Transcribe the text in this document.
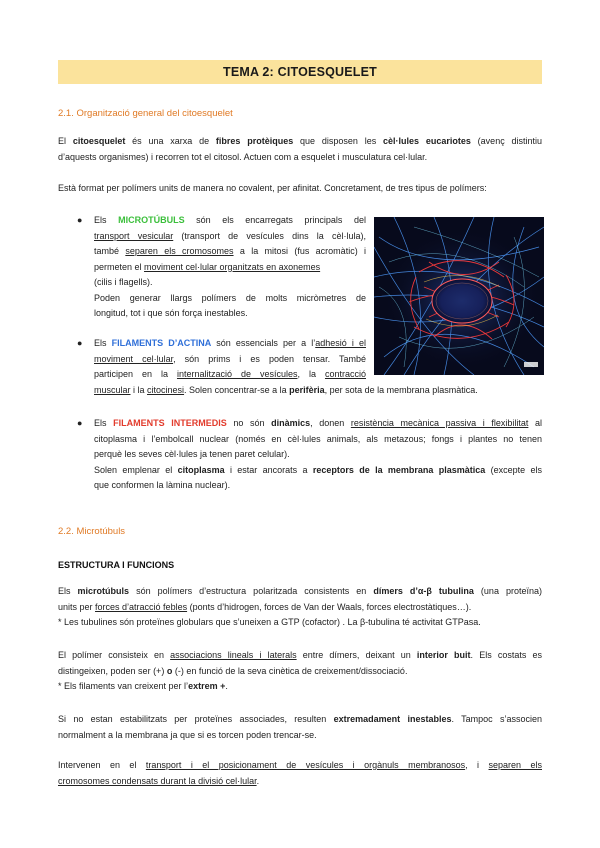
TEMA 2: CITOESQUELET
2.1. Organització general del citoesquelet
El citoesquelet és una xarxa de fibres protèiques que disposen les cèl·lules eucariotes (avenç distintiu
d’aquests organismes) i recorren tot el citosol. Actuen com a esquelet i musculatura cel·lular.
Està format per polímers units de manera no covalent, per afinitat. Concretament, de tres tipus de polímers:
● Els MICROTÚBULS són els encarregats principals del
transport vesicular (transport de vesícules dins la cèl·lula),
també separen els cromosomes a la mitosi (fus acromàtic) i
permeten el moviment cel·lular organitzats en axonemes
(cilis i flagells).
Poden generar llargs polímers de molts micròmetres de
longitud, tot i que són força inestables.
● Els FILAMENTS D’ACTINA són essencials per a l’adhesió i el
moviment cel·lular, són prims i es poden tensar. També
participen en la internalització de vesícules, la contracció
muscular i la citocinesi. Solen concentrar-se a la perifèria, per sota de la membrana plasmàtica.
● Els FILAMENTS INTERMEDIS no són dinàmics, donen resistència mecànica passiva i flexibilitat al
citoplasma i l’embolcall nuclear (només en cèl·lules animals, als metazous; fongs i plantes no tenen
perquè les seves cèl·lules ja tenen paret celular).
Solen emplenar el citoplasma i estar ancorats a receptors de la membrana plasmàtica (excepte els
que conformen la làmina nuclear).
2.2. Microtúbuls
ESTRUCTURA I FUNCIONS
Els microtúbuls són polímers d’estructura polaritzada consistents en dímers d’α-β tubulina (una proteïna)
units per forces d’atracció febles (ponts d’hidrogen, forces de Van der Waals, forces electrostàtiques…).
* Les tubulines són proteïnes globulars que s’uneixen a GTP (cofactor) . La β-tubulina té activitat GTPasa.
El polímer consisteix en associacions lineals i laterals entre dímers, deixant un interior buit. Els costats es
distingeixen, poden ser (+) o (-) en funció de la seva cinètica de creixement/dissociació.
* Els filaments van creixent per l’extrem +.
Si no estan estabilitzats per proteïnes associades, resulten extremadament inestables. Tampoc s’associen
normalment a la membrana ja que si es torcen poden trencar-se.
Intervenen en el transport i el posicionament de vesícules i orgànuls membranosos, i separen els
cromosomes condensats durant la divisió cel·lular.
